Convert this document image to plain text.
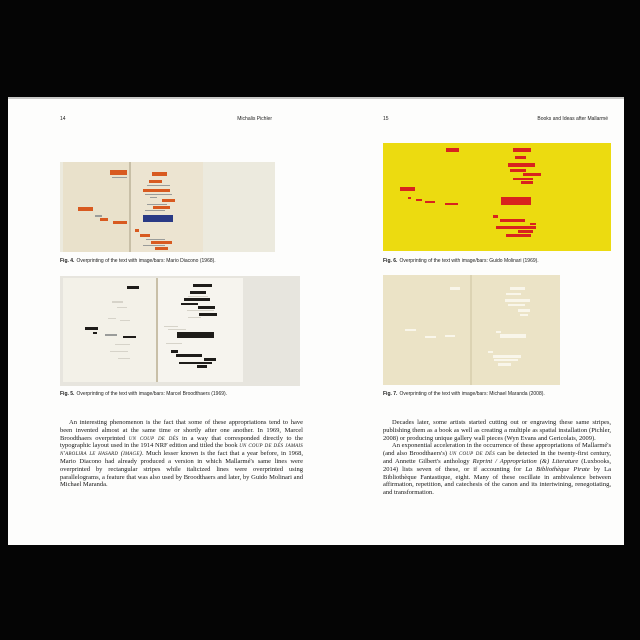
14	Michalis Pichler
Fig. 4. Overprinting of the text with image/bars: Mario Diacono (1968).
Fig. 5. Overprinting of the text with image/bars: Marcel Broodthaers (1969).

An interesting phenomenon is the fact that some of these appropriations tend to have been invented almost at the same time or shortly after one another. In 1969, Marcel Broodthaers overprinted un coup de dés in a way that corresponded directly to the typographic layout used in the 1914 NRF edition and titled the book un coup de dés jamais n'abolira le hasard (image). Much lesser known is the fact that a year before, in 1968, Mario Diacono had already produced a version in which Mallarmé's same lines were overprinted by rectangular stripes while italicized lines were overprinted using parallelograms, a feature that was also used by Broodthaers and later, by Guido Molinari and Michael Maranda.

15	Books and Ideas after Mallarmé
Fig. 6. Overprinting of the text with image/bars: Guido Molinari (1969).
Fig. 7. Overprinting of the text with image/bars: Michael Maranda (2008).

Decades later, some artists started cutting out or engraving these same stripes, publishing them as a book as well as creating a multiple as spatial installation (Pichler, 2008) or producing unique gallery wall pieces (Wyn Evans and Gericolais, 2009).

An exponential acceleration in the occurrence of these appropriations of Mallarmé's (and also Broodthaers's) un coup de dés can be detected in the twenty-first century, and Annette Gilbert's anthology Reprint / Appropriation (&) Literature (Luxbooks, 2014) lists seven of these, or if accounting for La Bibliothèque Pirate by La Bibliothèque Fantastique, eight. Many of these oscillate in ambivalence between affirmation, repetition, and catechesis of the canon and its intertwining, renegotiating, and transformation.
